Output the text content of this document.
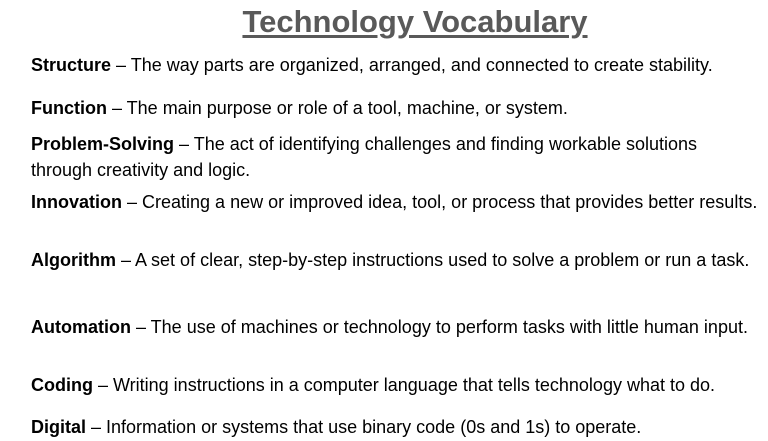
Technology Vocabulary

Structure – The way parts are organized, arranged, and connected to create stability.

Function – The main purpose or role of a tool, machine, or system.

Problem-Solving – The act of identifying challenges and finding workable solutions through creativity and logic.

Innovation – Creating a new or improved idea, tool, or process that provides better results.

Algorithm – A set of clear, step-by-step instructions used to solve a problem or run a task.

Automation – The use of machines or technology to perform tasks with little human input.

Coding – Writing instructions in a computer language that tells technology what to do.

Digital – Information or systems that use binary code (0s and 1s) to operate.
